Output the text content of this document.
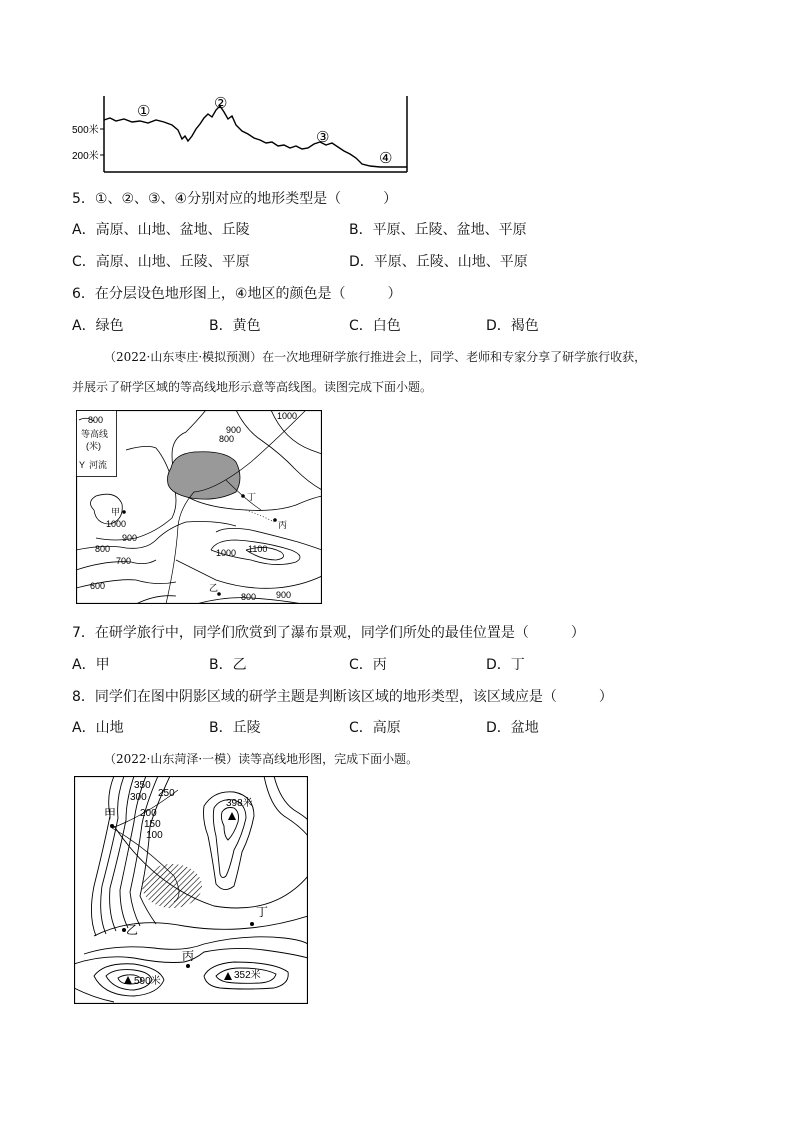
500米
200米
①	②
③
④
5．①、②、③、④分别对应的地形类型是（　　　）
A．高原、山地、盆地、丘陵	B．平原、丘陵、盆地、平原
C．高原、山地、丘陵、平原	D．平原、丘陵、山地、平原
6．在分层设色地形图上，④地区的颜色是（　　　）
A．绿色	B．黄色	C．白色	D．褐色
（2022·山东枣庄·模拟预测）在一次地理研学旅行推进会上，同学、老师和专家分享了研学旅行收获，
并展示了研学区域的等高线地形示意等高线图。读图完成下面小题。
800
等高线
(米)
Y 河流
1000
900
800
甲
1000
900
800
700
600
丁
丙
1000 1100
乙
800 900
7．在研学旅行中，同学们欣赏到了瀑布景观，同学们所处的最佳位置是（　　　）
A．甲	B．乙	C．丙	D．丁
8．同学们在图中阴影区域的研学主题是判断该区域的地形类型，该区域应是（　　　）
A．山地	B．丘陵	C．高原	D．盆地
（2022·山东菏泽·一模）读等高线地形图，完成下面小题。
350
300 250
200
150
100
甲
398米
丁
乙
丙
590米
352米
